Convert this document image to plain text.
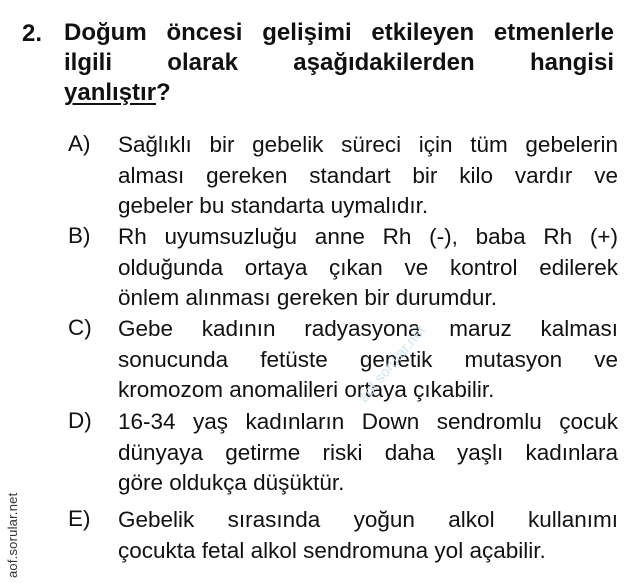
2. Doğum öncesi gelişimi etkileyen etmenlerle
ilgili olarak aşağıdakilerden hangisi
yanlıştır?
A)	Sağlıklı bir gebelik süreci için tüm gebelerin
alması gereken standart bir kilo vardır ve
gebeler bu standarta uymalıdır.
B)	Rh uyumsuzluğu anne Rh (-), baba Rh (+)
olduğunda ortaya çıkan ve kontrol edilerek
önlem alınması gereken bir durumdur.
C)	Gebe kadının radyasyona maruz kalması
sonucunda fetüste genetik mutasyon ve
kromozom anomalileri ortaya çıkabilir.
D)	16-34 yaş kadınların Down sendromlu çocuk
dünyaya getirme riski daha yaşlı kadınlara
göre oldukça düşüktür.
E)	Gebelik sırasında yoğun alkol kullanımı
çocukta fetal alkol sendromuna yol açabilir.
aof.sorular.net
aof.sorular.net
